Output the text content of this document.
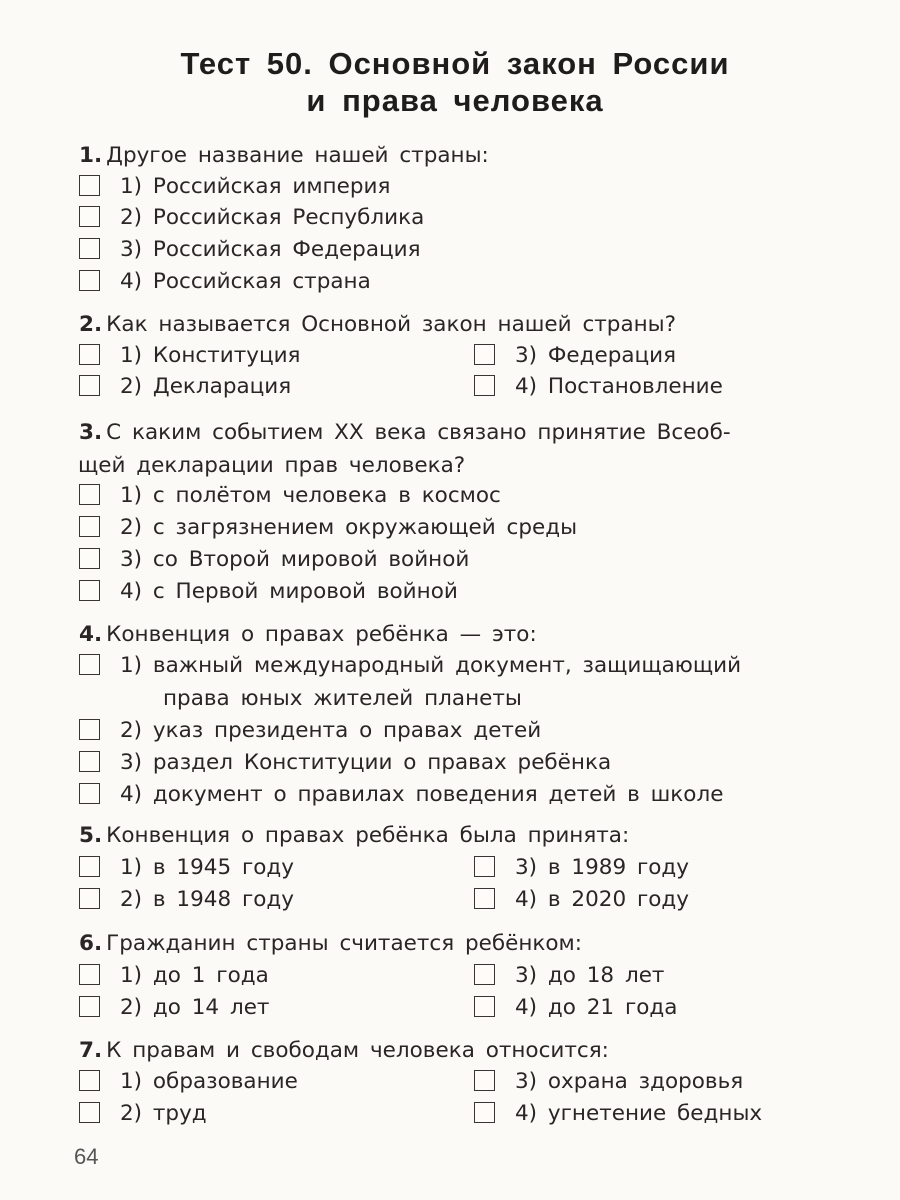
Тест 50. Основной закон России
и права человека
1. Другое название нашей страны:
1) Российская империя
2) Российская Республика
3) Российская Федерация
4) Российская страна
2. Как называется Основной закон нашей страны?
1) Конституция
2) Декларация
3) Федерация
4) Постановление
3. С каким событием XX века связано принятие Всеоб-
щей декларации прав человека?
1) с полётом человека в космос
2) с загрязнением окружающей среды
3) со Второй мировой войной
4) с Первой мировой войной
4. Конвенция о правах ребёнка — это:
1) важный международный документ, защищающий
права юных жителей планеты
2) указ президента о правах детей
3) раздел Конституции о правах ребёнка
4) документ о правилах поведения детей в школе
5. Конвенция о правах ребёнка была принята:
1) в 1945 году
2) в 1948 году
3) в 1989 году
4) в 2020 году
6. Гражданин страны считается ребёнком:
1) до 1 года
2) до 14 лет
3) до 18 лет
4) до 21 года
7. К правам и свободам человека относится:
1) образование
2) труд
3) охрана здоровья
4) угнетение бедных
64
